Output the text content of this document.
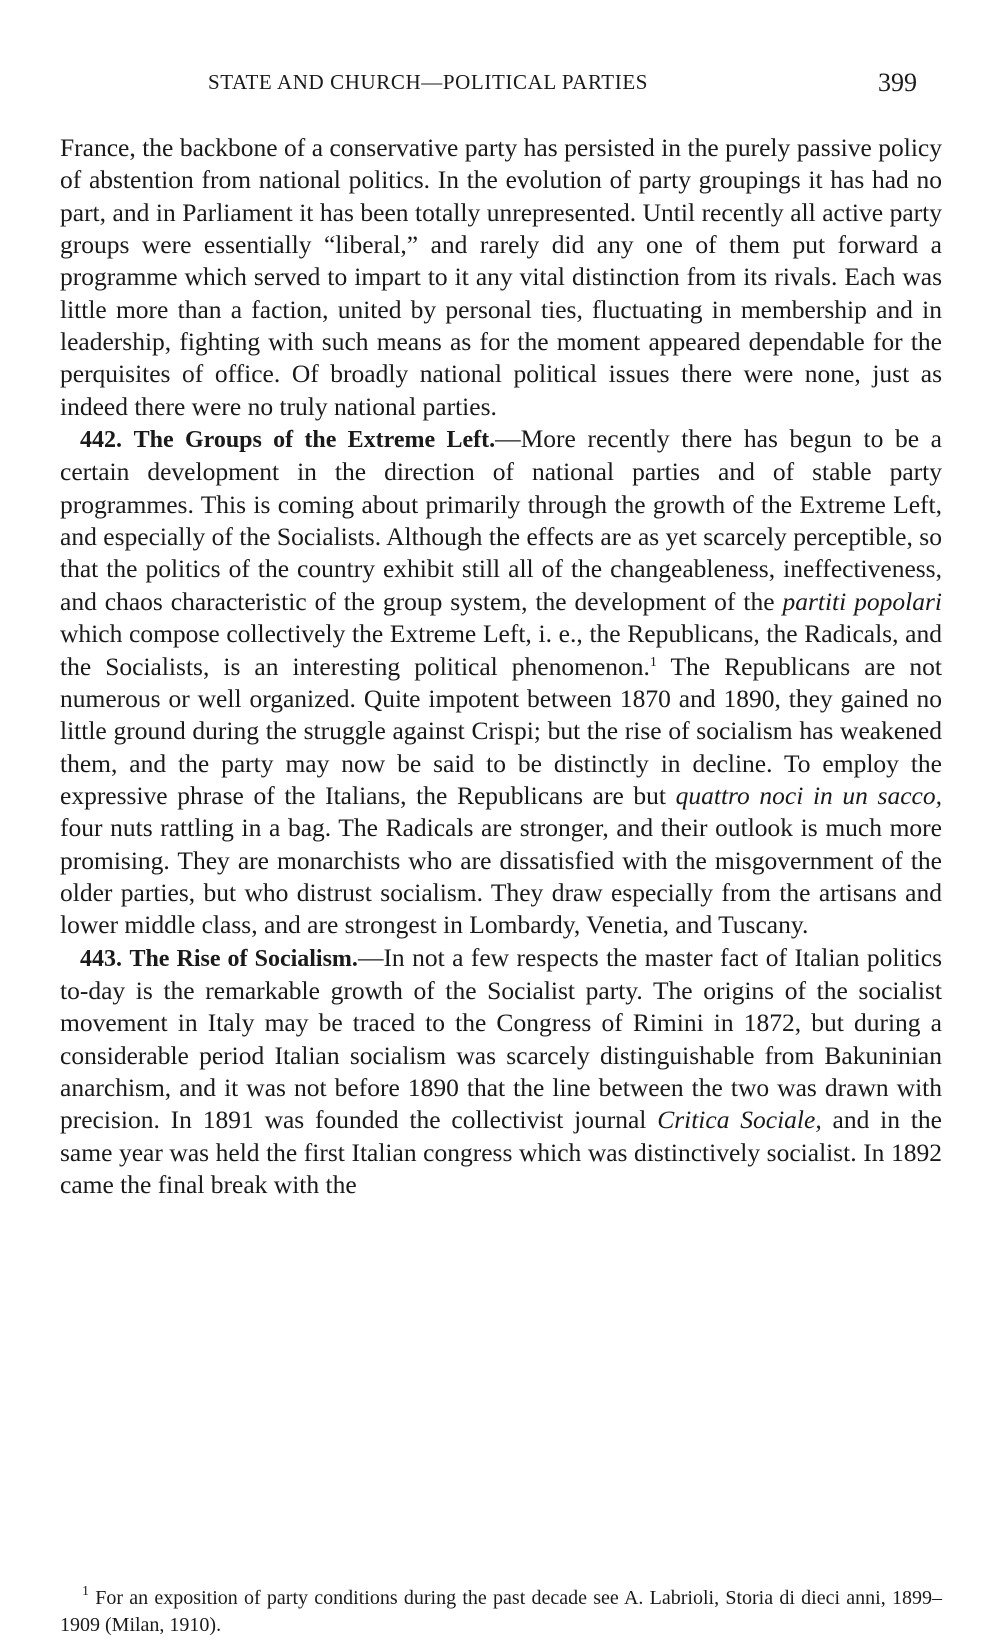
STATE AND CHURCH—POLITICAL PARTIES	399

France, the backbone of a conservative party has persisted in the purely passive policy of abstention from national politics. In the evolution of party groupings it has had no part, and in Parliament it has been totally unrepresented. Until recently all active party groups were essentially “liberal,” and rarely did any one of them put forward a programme which served to impart to it any vital distinction from its rivals. Each was little more than a faction, united by personal ties, fluctuating in membership and in leadership, fighting with such means as for the moment appeared dependable for the perquisites of office. Of broadly national political issues there were none, just as indeed there were no truly national parties.

442. The Groups of the Extreme Left.—More recently there has begun to be a certain development in the direction of national parties and of stable party programmes. This is coming about primarily through the growth of the Extreme Left, and especially of the Socialists. Although the effects are as yet scarcely perceptible, so that the politics of the country exhibit still all of the changeableness, ineffectiveness, and chaos characteristic of the group system, the development of the partiti popolari which compose collectively the Extreme Left, i. e., the Republicans, the Radicals, and the Socialists, is an interesting political phenomenon.$^1$ The Republicans are not numerous or well organized. Quite impotent between 1870 and 1890, they gained no little ground during the struggle against Crispi; but the rise of socialism has weakened them, and the party may now be said to be distinctly in decline. To employ the expressive phrase of the Italians, the Republicans are but quattro noci in un sacco, four nuts rattling in a bag. The Radicals are stronger, and their outlook is much more promising. They are monarchists who are dissatisfied with the misgovernment of the older parties, but who distrust socialism. They draw especially from the artisans and lower middle class, and are strongest in Lombardy, Venetia, and Tuscany.

443. The Rise of Socialism.—In not a few respects the master fact of Italian politics to-day is the remarkable growth of the Socialist party. The origins of the socialist movement in Italy may be traced to the Congress of Rimini in 1872, but during a considerable period Italian socialism was scarcely distinguishable from Bakuninian anarchism, and it was not before 1890 that the line between the two was drawn with precision. In 1891 was founded the collectivist journal Critica Sociale, and in the same year was held the first Italian congress which was distinctively socialist. In 1892 came the final break with the

$^1$ For an exposition of party conditions during the past decade see A. Labrioli, Storia di dieci anni, 1899–1909 (Milan, 1910).
